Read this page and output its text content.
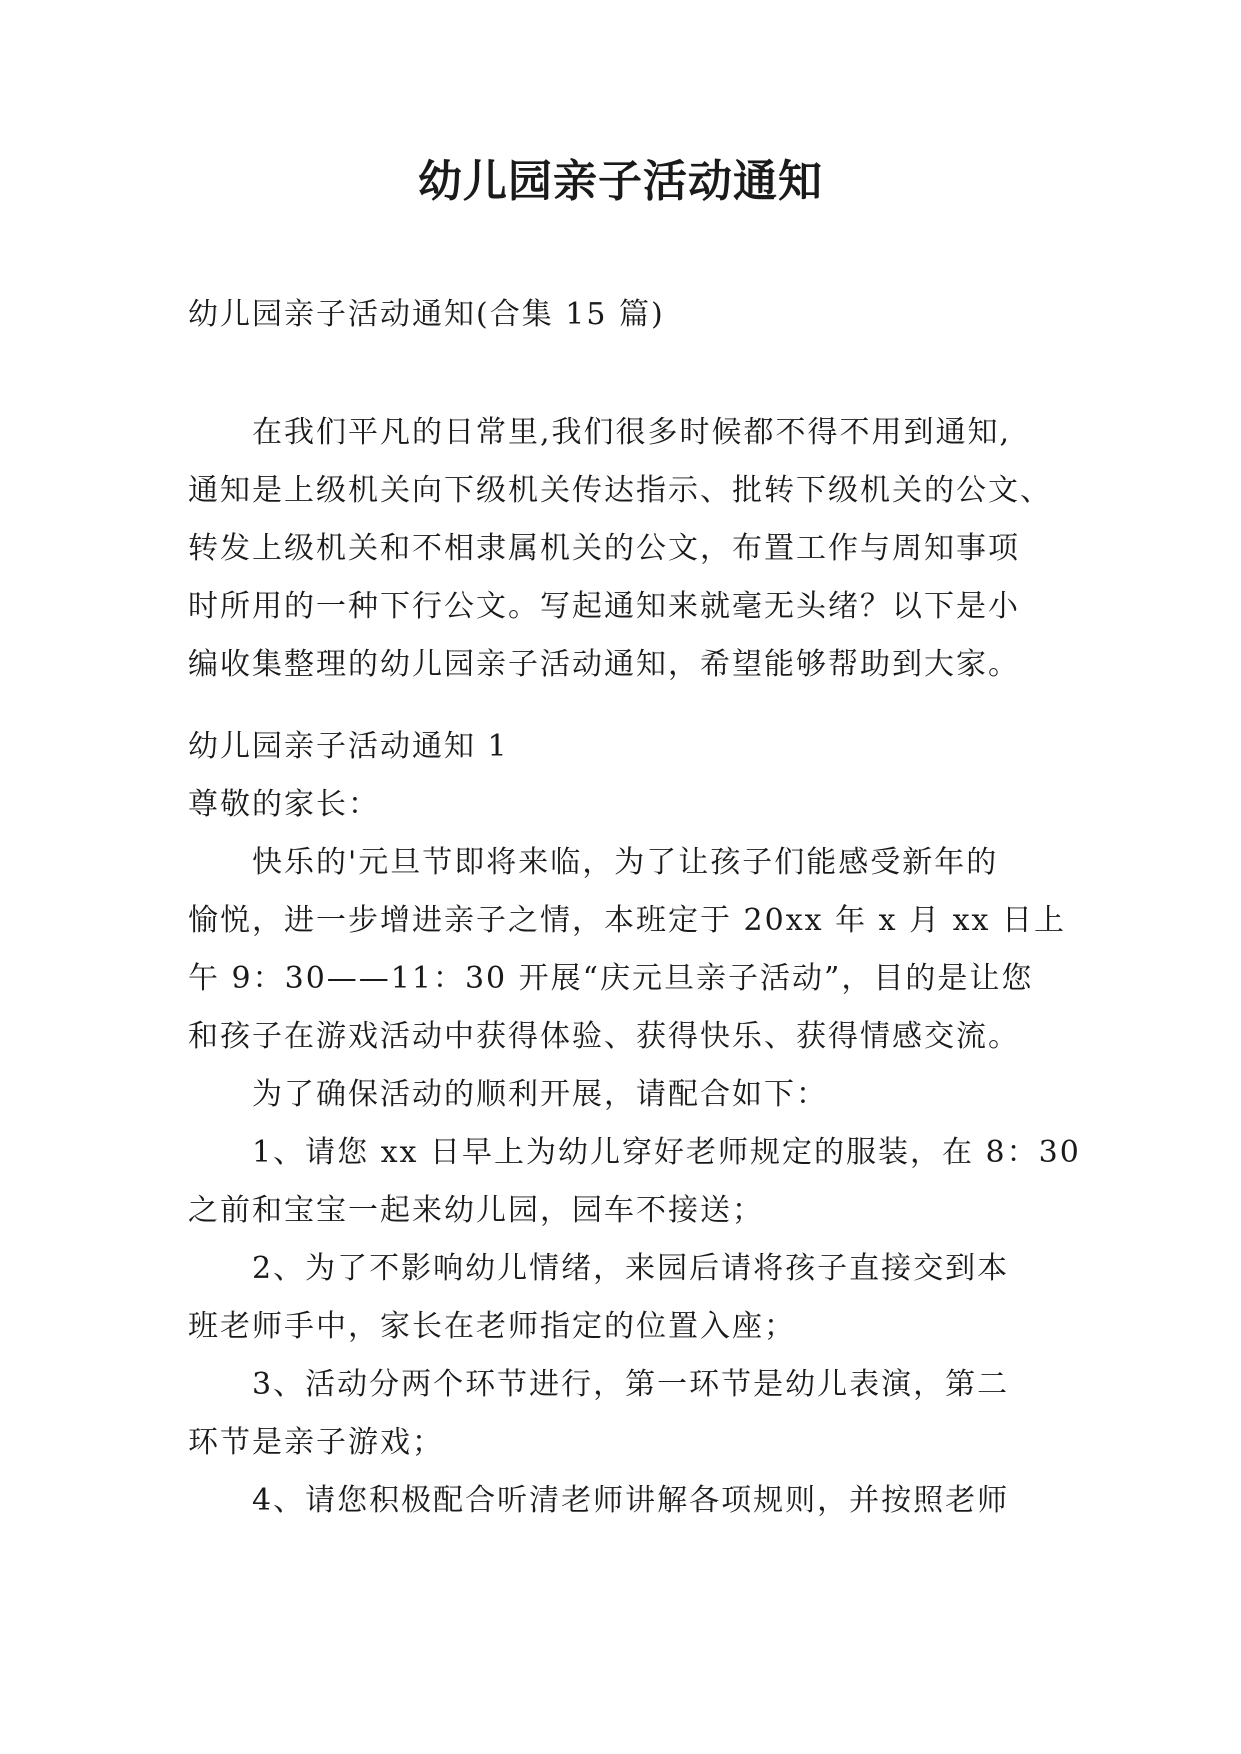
幼儿园亲子活动通知

幼儿园亲子活动通知(合集 15 篇)

在我们平凡的日常里,我们很多时候都不得不用到通知,
通知是上级机关向下级机关传达指示、批转下级机关的公文、
转发上级机关和不相隶属机关的公文，布置工作与周知事项
时所用的一种下行公文。写起通知来就毫无头绪？以下是小
编收集整理的幼儿园亲子活动通知，希望能够帮助到大家。
幼儿园亲子活动通知 1
尊敬的家长：
快乐的'元旦节即将来临，为了让孩子们能感受新年的
愉悦，进一步增进亲子之情，本班定于 20xx 年 x 月 xx 日上
午 9：30——11：30 开展“庆元旦亲子活动”，目的是让您
和孩子在游戏活动中获得体验、获得快乐、获得情感交流。
为了确保活动的顺利开展，请配合如下：
1、请您 xx 日早上为幼儿穿好老师规定的服装，在 8：30
之前和宝宝一起来幼儿园，园车不接送；
2、为了不影响幼儿情绪，来园后请将孩子直接交到本
班老师手中，家长在老师指定的位置入座；
3、活动分两个环节进行，第一环节是幼儿表演，第二
环节是亲子游戏；
4、请您积极配合听清老师讲解各项规则，并按照老师
